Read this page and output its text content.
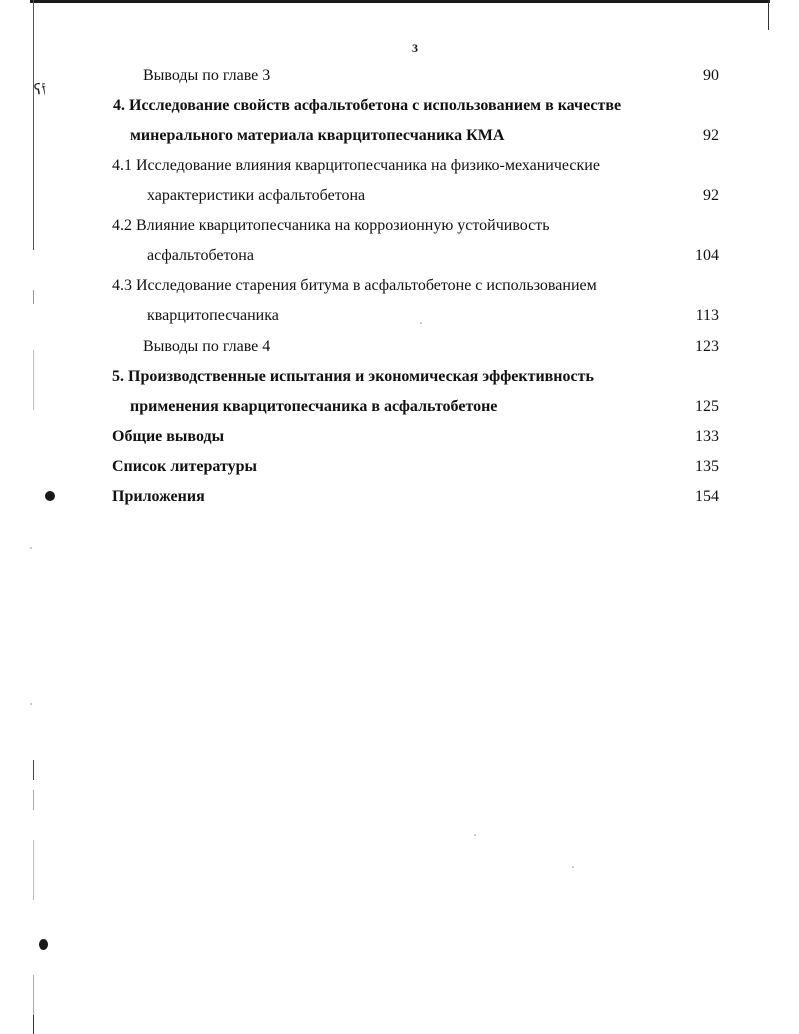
ʕ𝔣
3
Выводы по главе 3	90
4. Исследование свойств асфальтобетона с использованием в качестве
минерального материала кварцитопесчаника КМА	92
4.1 Исследование влияния кварцитопесчаника на физико-механические
характеристики асфальтобетона	92
4.2 Влияние кварцитопесчаника на коррозионную устойчивость
асфальтобетона	104
4.3 Исследование старения битума в асфальтобетоне с использованием
кварцитопесчаника	113
Выводы по главе 4	123
5. Производственные испытания и экономическая эффективность
применения кварцитопесчаника в асфальтобетоне	125
Общие выводы	133
Список литературы	135
Приложения	154
